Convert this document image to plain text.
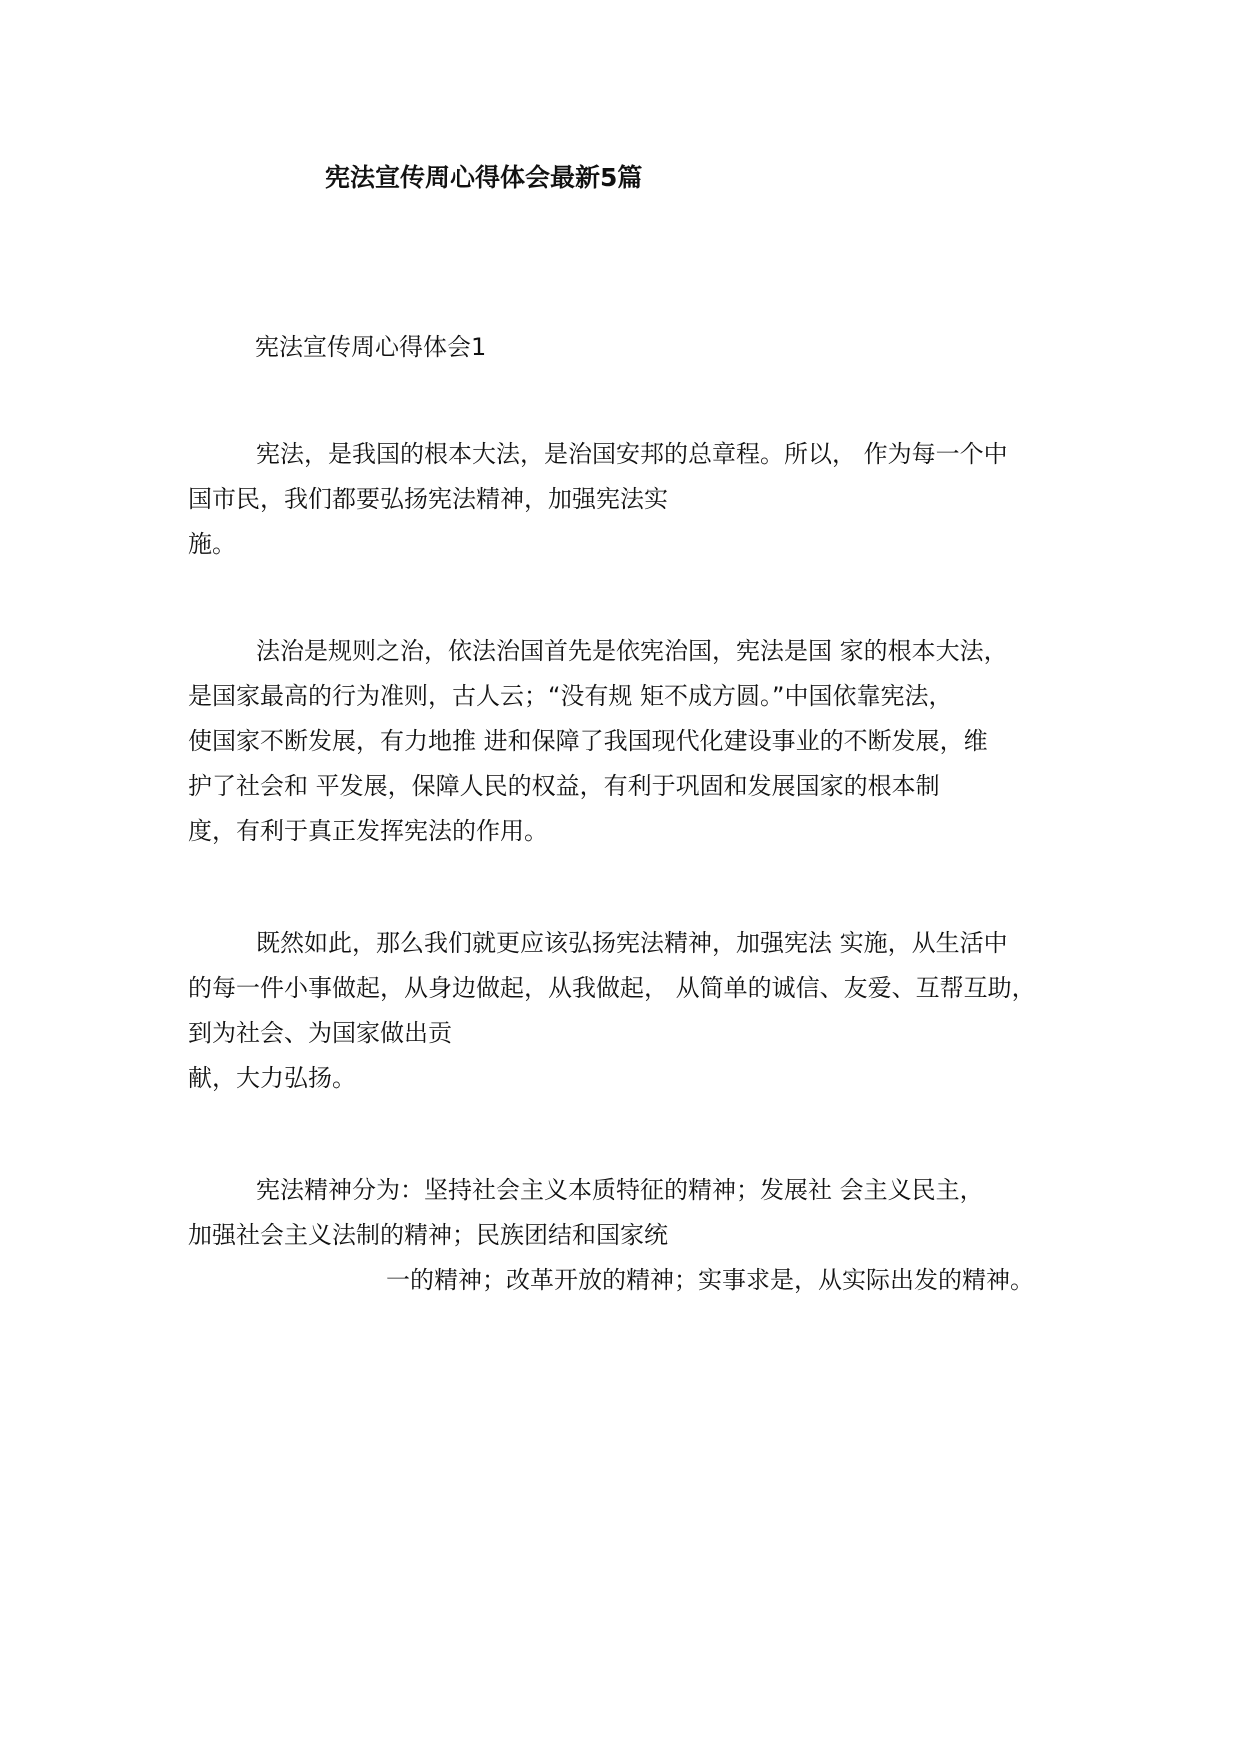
宪法宣传周心得体会最新5篇
宪法宣传周心得体会1
宪法，是我国的根本大法，是治国安邦的总章程。所以， 作为每一个中
国市民，我们都要弘扬宪法精神，加强宪法实
施。
法治是规则之治，依法治国首先是依宪治国，宪法是国 家的根本大法，
是国家最高的行为准则，古人云；“没有规 矩不成方圆。”中国依靠宪法，
使国家不断发展，有力地推 进和保障了我国现代化建设事业的不断发展，维
护了社会和 平发展，保障人民的权益，有利于巩固和发展国家的根本制
度，有利于真正发挥宪法的作用。
既然如此，那么我们就更应该弘扬宪法精神，加强宪法 实施，从生活中
的每一件小事做起，从身边做起，从我做起， 从简单的诚信、友爱、互帮互助，
到为社会、为国家做出贡
献，大力弘扬。
宪法精神分为：坚持社会主义本质特征的精神；发展社 会主义民主，
加强社会主义法制的精神；民族团结和国家统
一的精神；改革开放的精神；实事求是，从实际出发的精神。
